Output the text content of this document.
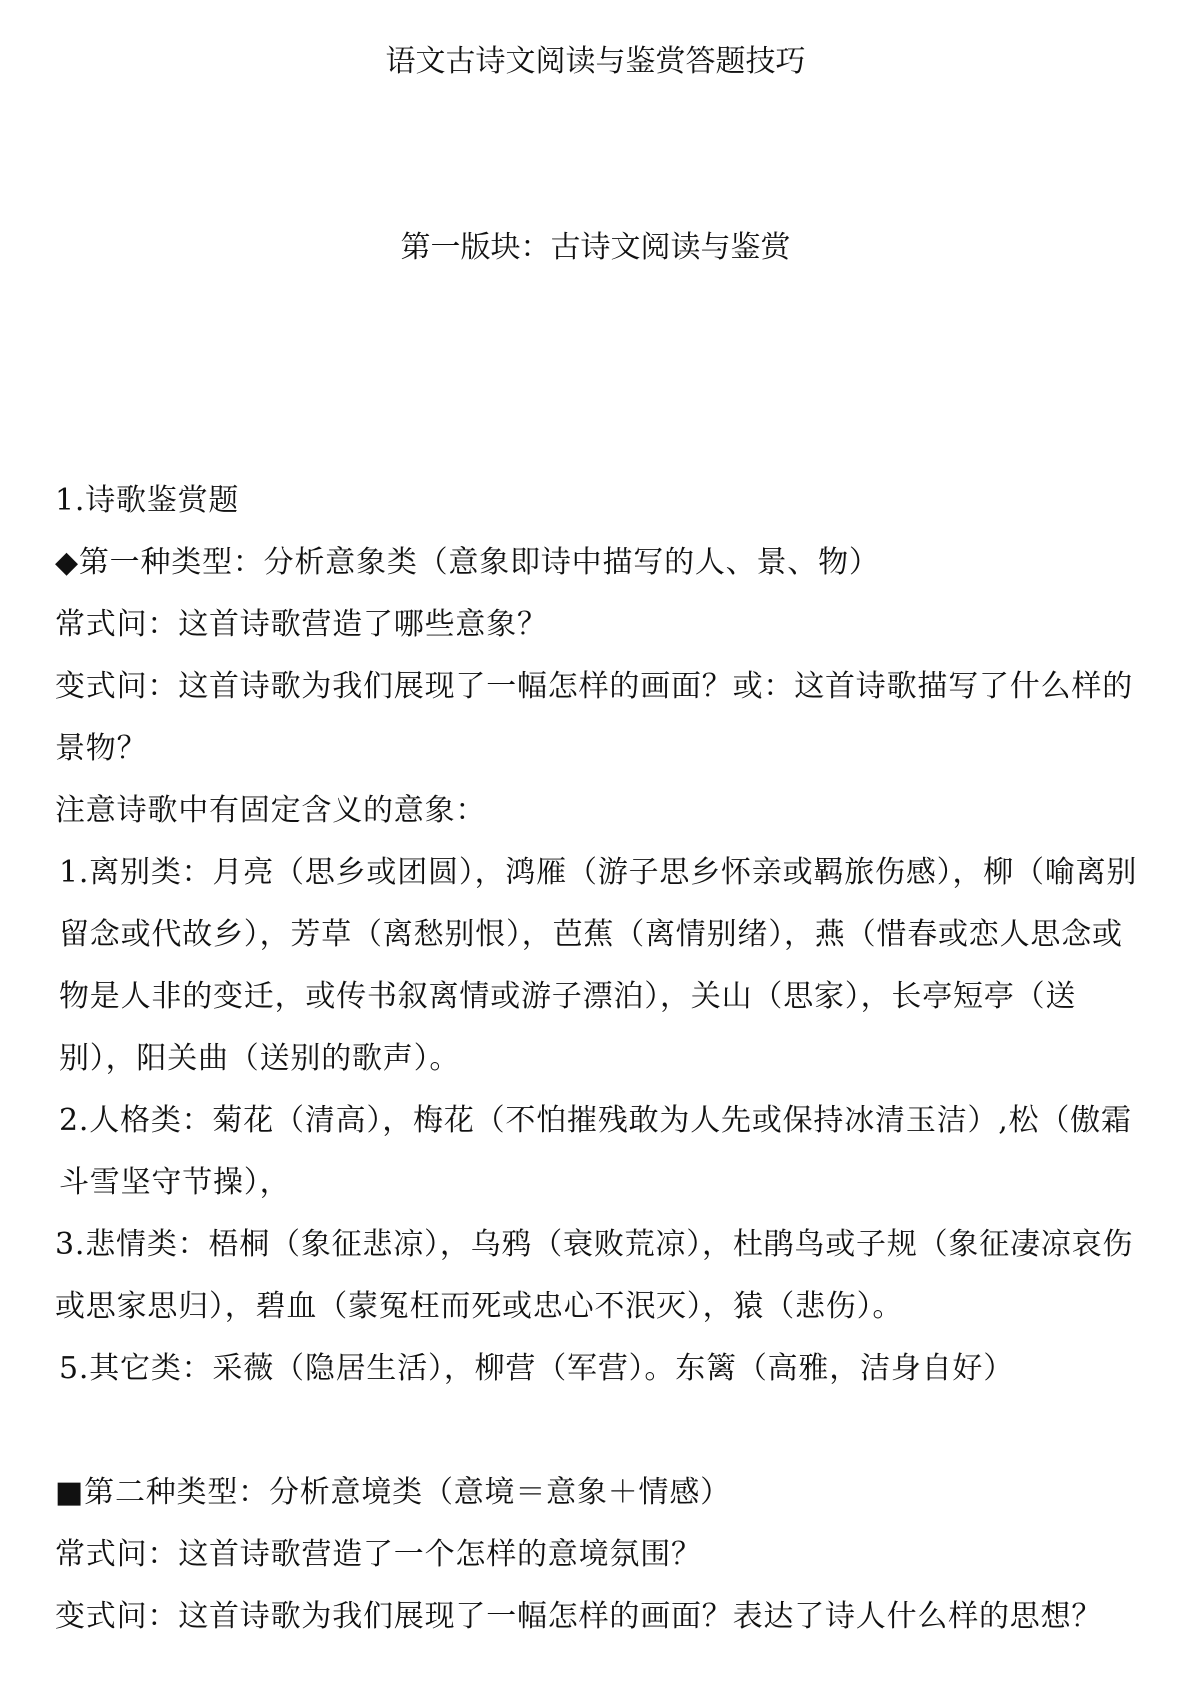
语文古诗文阅读与鉴赏答题技巧
第一版块：古诗文阅读与鉴赏

1.诗歌鉴赏题

◆第一种类型：分析意象类（意象即诗中描写的人、景、物）

常式问：这首诗歌营造了哪些意象？

变式问：这首诗歌为我们展现了一幅怎样的画面？或：这首诗歌描写了什么样的景物？

注意诗歌中有固定含义的意象：

1.离别类：月亮（思乡或团圆），鸿雁（游子思乡怀亲或羁旅伤感），柳（喻离别留念或代故乡），芳草（离愁别恨），芭蕉（离情别绪），燕（惜春或恋人思念或物是人非的变迁，或传书叙离情或游子漂泊），关山（思家），长亭短亭（送别），阳关曲（送别的歌声）。

2.人格类：菊花（清高），梅花（不怕摧残敢为人先或保持冰清玉洁）,松（傲霜斗雪坚守节操），

3.悲情类：梧桐（象征悲凉），乌鸦（衰败荒凉），杜鹃鸟或子规（象征凄凉哀伤或思家思归），碧血（蒙冤枉而死或忠心不泯灭），猿（悲伤）。

5.其它类：采薇（隐居生活），柳营（军营）。东篱（高雅，洁身自好）

■第二种类型：分析意境类（意境＝意象＋情感）

常式问：这首诗歌营造了一个怎样的意境氛围？

变式问：这首诗歌为我们展现了一幅怎样的画面？表达了诗人什么样的思想？
